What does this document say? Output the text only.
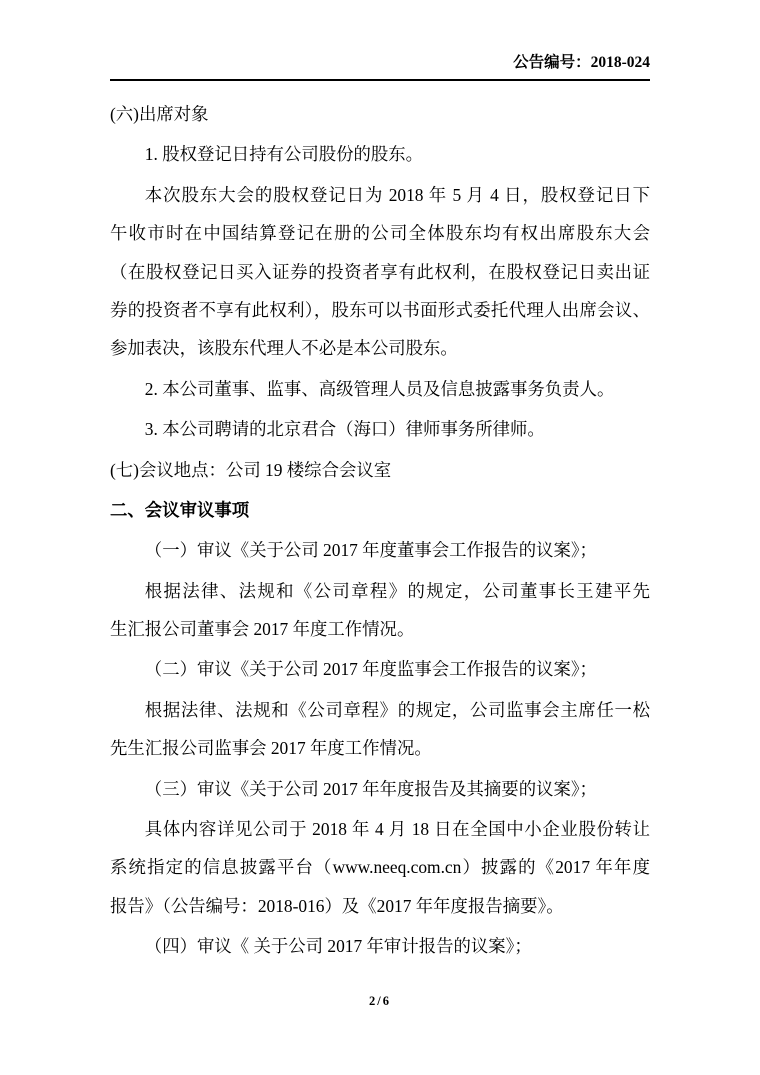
公告编号：2018-024
(六)出席对象
1. 股权登记日持有公司股份的股东。
本次股东大会的股权登记日为 2018 年 5 月 4 日，股权登记日下
午收市时在中国结算登记在册的公司全体股东均有权出席股东大会
（在股权登记日买入证券的投资者享有此权利，在股权登记日卖出证
券的投资者不享有此权利），股东可以书面形式委托代理人出席会议、
参加表决，该股东代理人不必是本公司股东。
2. 本公司董事、监事、高级管理人员及信息披露事务负责人。
3. 本公司聘请的北京君合（海口）律师事务所律师。
(七)会议地点：公司 19 楼综合会议室
二、会议审议事项
（一）审议《关于公司 2017 年度董事会工作报告的议案》；
根据法律、法规和《公司章程》的规定，公司董事长王建平先
生汇报公司董事会 2017 年度工作情况。
（二）审议《关于公司 2017 年度监事会工作报告的议案》；
根据法律、法规和《公司章程》的规定，公司监事会主席任一松
先生汇报公司监事会 2017 年度工作情况。
（三）审议《关于公司 2017 年年度报告及其摘要的议案》；
具体内容详见公司于 2018 年 4 月 18 日在全国中小企业股份转让
系统指定的信息披露平台（www.neeq.com.cn）披露的《2017 年年度
报告》（公告编号：2018-016）及《2017 年年度报告摘要》。
（四）审议《 关于公司 2017 年审计报告的议案》；
2/6
